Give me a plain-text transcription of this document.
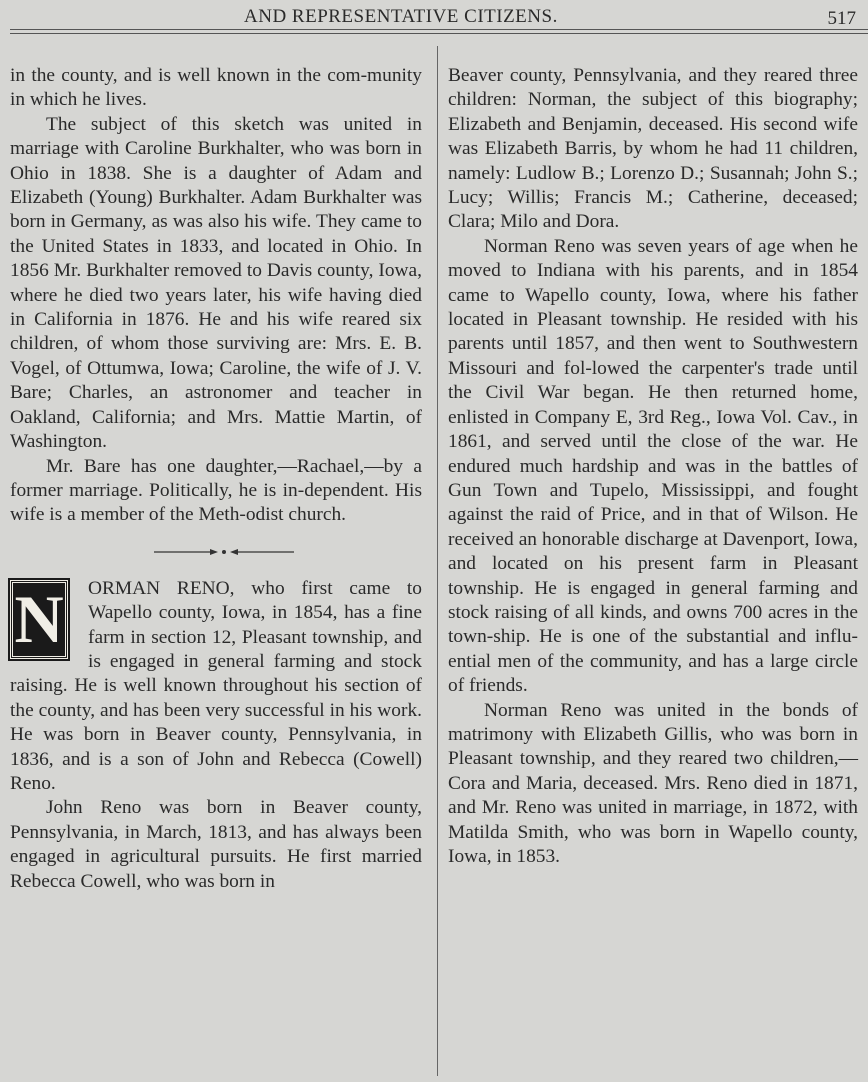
AND REPRESENTATIVE CITIZENS.	517

in the county, and is well known in the com-munity in which he lives.

The subject of this sketch was united in marriage with Caroline Burkhalter, who was born in Ohio in 1838. She is a daughter of Adam and Elizabeth (Young) Burkhalter. Adam Burkhalter was born in Germany, as was also his wife. They came to the United States in 1833, and located in Ohio. In 1856 Mr. Burkhalter removed to Davis county, Iowa, where he died two years later, his wife having died in California in 1876. He and his wife reared six children, of whom those surviving are: Mrs. E. B. Vogel, of Ottumwa, Iowa; Caroline, the wife of J. V. Bare; Charles, an astronomer and teacher in Oakland, California; and Mrs. Mattie Martin, of Washington.

Mr. Bare has one daughter,—Rachael,—by a former marriage. Politically, he is in-dependent. His wife is a member of the Meth-odist church.

N ORMAN RENO, who first came to Wapello county, Iowa, in 1854, has a fine farm in section 12, Pleasant township, and is engaged in general farming and stock raising. He is well known throughout his section of the county, and has been very successful in his work. He was born in Beaver county, Pennsylvania, in 1836, and is a son of John and Rebecca (Cowell) Reno.

John Reno was born in Beaver county, Pennsylvania, in March, 1813, and has always been engaged in agricultural pursuits. He first married Rebecca Cowell, who was born in

Beaver county, Pennsylvania, and they reared three children: Norman, the subject of this biography; Elizabeth and Benjamin, deceased. His second wife was Elizabeth Barris, by whom he had 11 children, namely: Ludlow B.; Lorenzo D.; Susannah; John S.; Lucy; Willis; Francis M.; Catherine, deceased; Clara; Milo and Dora.

Norman Reno was seven years of age when he moved to Indiana with his parents, and in 1854 came to Wapello county, Iowa, where his father located in Pleasant township. He resided with his parents until 1857, and then went to Southwestern Missouri and fol-lowed the carpenter's trade until the Civil War began. He then returned home, enlisted in Company E, 3rd Reg., Iowa Vol. Cav., in 1861, and served until the close of the war. He endured much hardship and was in the battles of Gun Town and Tupelo, Mississippi, and fought against the raid of Price, and in that of Wilson. He received an honorable discharge at Davenport, Iowa, and located on his present farm in Pleasant township. He is engaged in general farming and stock raising of all kinds, and owns 700 acres in the town-ship. He is one of the substantial and influ-ential men of the community, and has a large circle of friends.

Norman Reno was united in the bonds of matrimony with Elizabeth Gillis, who was born in Pleasant township, and they reared two children,—Cora and Maria, deceased. Mrs. Reno died in 1871, and Mr. Reno was united in marriage, in 1872, with Matilda Smith, who was born in Wapello county, Iowa, in 1853.
